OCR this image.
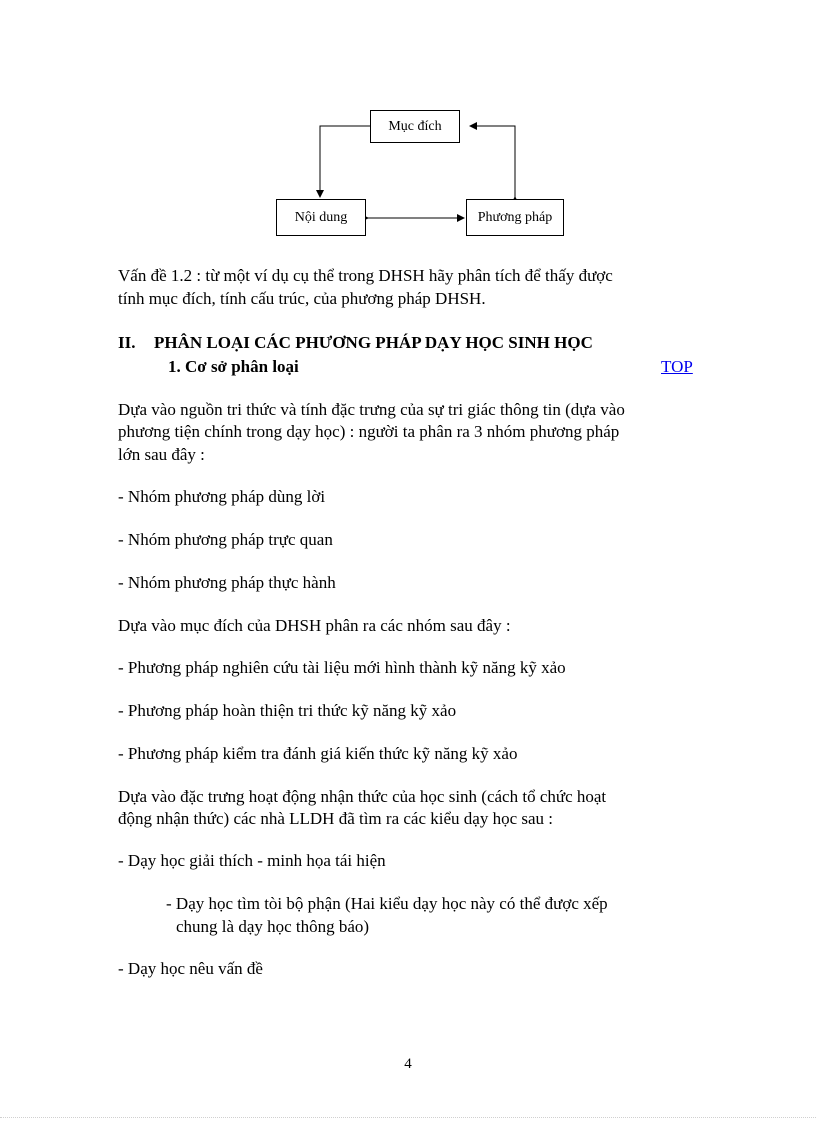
Mục đích
Nội dung	Phương pháp

Vấn đề 1.2 : từ một ví dụ cụ thể trong DHSH hãy phân tích để thấy được

tính mục đích, tính cấu trúc, của phương pháp DHSH.

II. PHÂN LOẠI CÁC PHƯƠNG PHÁP DẠY HỌC SINH HỌC
1. Cơ sở phân loại	TOP

Dựa vào nguồn tri thức và tính đặc trưng của sự tri giác thông tin (dựa vào

phương tiện chính trong dạy học) : người ta phân ra 3 nhóm phương pháp

lớn sau đây :

- Nhóm phương pháp dùng lời

- Nhóm phương pháp trực quan

- Nhóm phương pháp thực hành

Dựa vào mục đích của DHSH phân ra các nhóm sau đây :

- Phương pháp nghiên cứu tài liệu mới hình thành kỹ năng kỹ xảo

- Phương pháp hoàn thiện tri thức kỹ năng kỹ xảo

- Phương pháp kiểm tra đánh giá kiến thức kỹ năng kỹ xảo

Dựa vào đặc trưng hoạt động nhận thức của học sinh (cách tổ chức hoạt

động nhận thức) các nhà LLDH đã tìm ra các kiểu dạy học sau :

- Dạy học giải thích - minh họa tái hiện

- Dạy học tìm tòi bộ phận (Hai kiểu dạy học này có thể được xếp

chung là dạy học thông báo)

- Dạy học nêu vấn đề

4
